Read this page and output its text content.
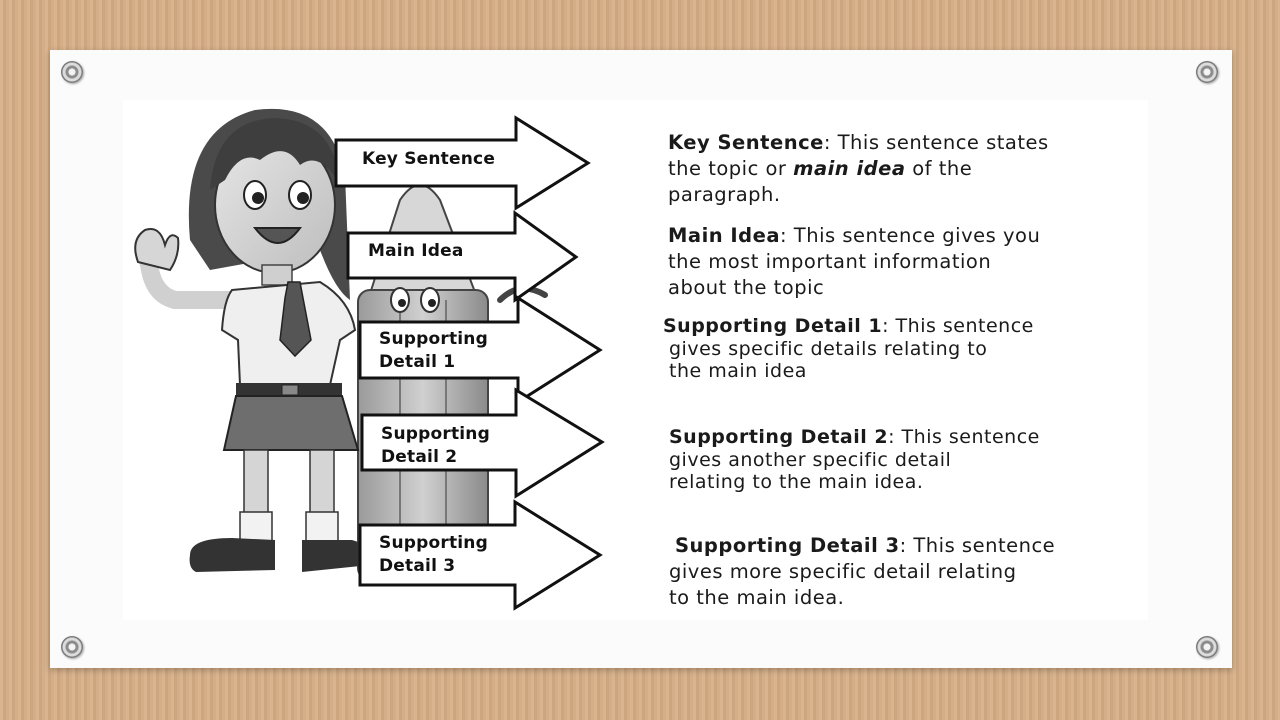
Key Sentence
Main Idea
Supporting
Detail 1
Supporting
Detail 2
Supporting
Detail 3
Key Sentence: This sentence states
the topic or main idea of the
paragraph.
Main Idea: This sentence gives you
the most important information
about the topic
Supporting Detail 1: This sentence
gives specific details relating to
the main idea
Supporting Detail 2: This sentence
gives another specific detail
relating to the main idea.
Supporting Detail 3: This sentence
gives more specific detail relating
to the main idea.
